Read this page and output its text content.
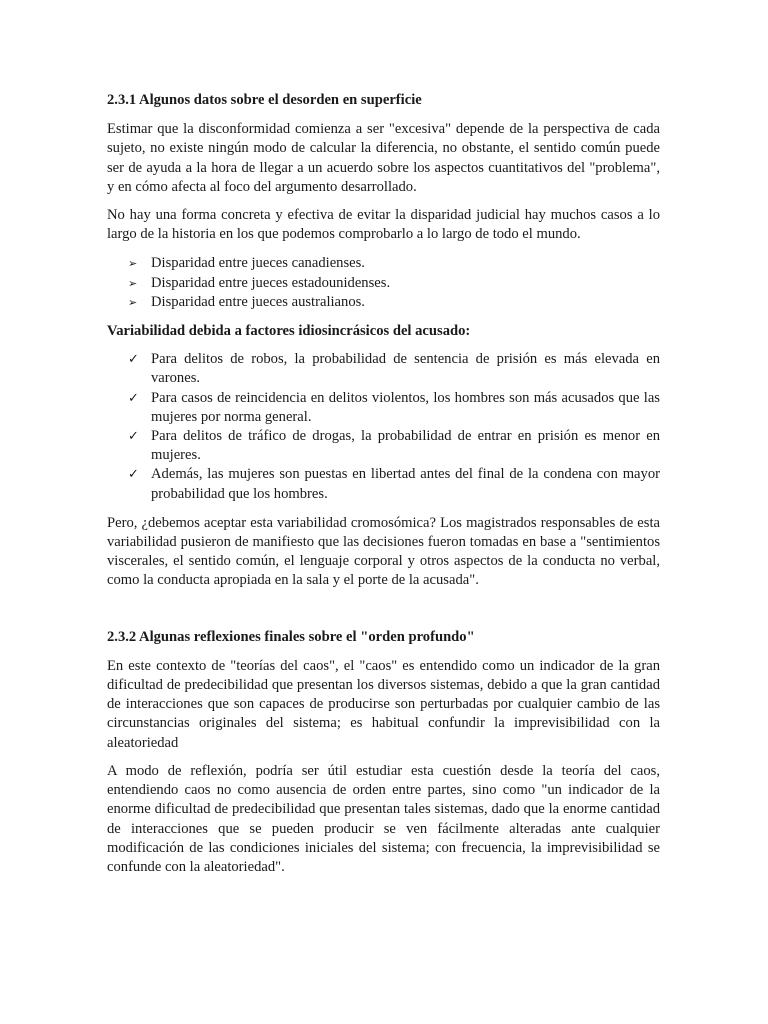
2.3.1 Algunos datos sobre el desorden en superficie

Estimar que la disconformidad comienza a ser "excesiva" depende de la perspectiva de cada sujeto, no existe ningún modo de calcular la diferencia, no obstante, el sentido común puede ser de ayuda a la hora de llegar a un acuerdo sobre los aspectos cuantitativos del "problema", y en cómo afecta al foco del argumento desarrollado.

No hay una forma concreta y efectiva de evitar la disparidad judicial hay muchos casos a lo largo de la historia en los que podemos comprobarlo a lo largo de todo el mundo.

➢ Disparidad entre jueces canadienses.
➢ Disparidad entre jueces estadounidenses.
➢ Disparidad entre jueces australianos.

Variabilidad debida a factores idiosincrásicos del acusado:

✓ Para delitos de robos, la probabilidad de sentencia de prisión es más elevada en varones.
✓ Para casos de reincidencia en delitos violentos, los hombres son más acusados que las mujeres por norma general.
✓ Para delitos de tráfico de drogas, la probabilidad de entrar en prisión es menor en mujeres.
✓ Además, las mujeres son puestas en libertad antes del final de la condena con mayor probabilidad que los hombres.

Pero, ¿debemos aceptar esta variabilidad cromosómica? Los magistrados responsables de esta variabilidad pusieron de manifiesto que las decisiones fueron tomadas en base a "sentimientos viscerales, el sentido común, el lenguaje corporal y otros aspectos de la conducta no verbal, como la conducta apropiada en la sala y el porte de la acusada".

2.3.2 Algunas reflexiones finales sobre el "orden profundo"

En este contexto de "teorías del caos", el "caos" es entendido como un indicador de la gran dificultad de predecibilidad que presentan los diversos sistemas, debido a que la gran cantidad de interacciones que son capaces de producirse son perturbadas por cualquier cambio de las circunstancias originales del sistema; es habitual confundir la imprevisibilidad con la aleatoriedad

A modo de reflexión, podría ser útil estudiar esta cuestión desde la teoría del caos, entendiendo caos no como ausencia de orden entre partes, sino como "un indicador de la enorme dificultad de predecibilidad que presentan tales sistemas, dado que la enorme cantidad de interacciones que se pueden producir se ven fácilmente alteradas ante cualquier modificación de las condiciones iniciales del sistema; con frecuencia, la imprevisibilidad se confunde con la aleatoriedad".
